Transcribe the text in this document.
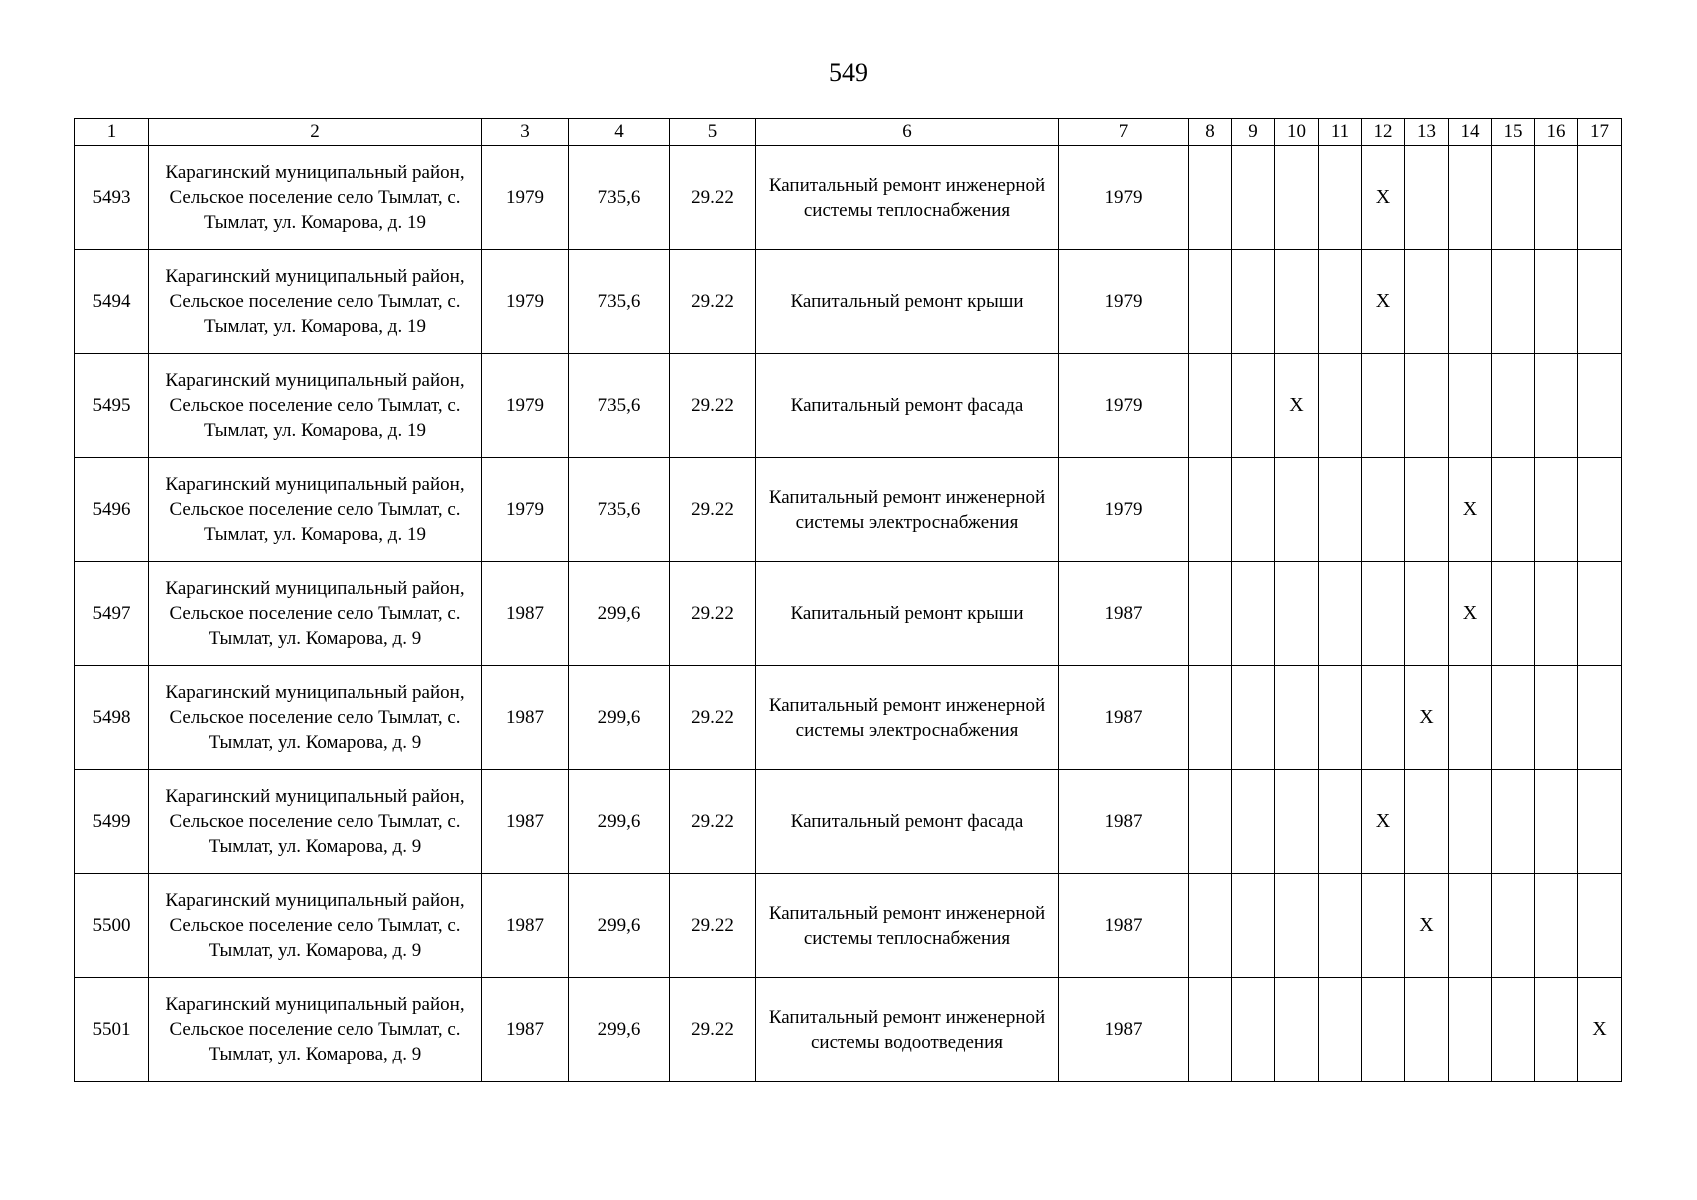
549
1	2	3	4	5	6	7	8	9	10	11	12	13	14	15	16	17
5493	Карагинский муниципальный район, Сельское поселение село Тымлат, с. Тымлат, ул. Комарова, д. 19	1979	735,6	29.22	Капитальный ремонт инженерной системы теплоснабжения	1979					X					
5494	Карагинский муниципальный район, Сельское поселение село Тымлат, с. Тымлат, ул. Комарова, д. 19	1979	735,6	29.22	Капитальный ремонт крыши	1979					X					
5495	Карагинский муниципальный район, Сельское поселение село Тымлат, с. Тымлат, ул. Комарова, д. 19	1979	735,6	29.22	Капитальный ремонт фасада	1979			X							
5496	Карагинский муниципальный район, Сельское поселение село Тымлат, с. Тымлат, ул. Комарова, д. 19	1979	735,6	29.22	Капитальный ремонт инженерной системы электроснабжения	1979							X			
5497	Карагинский муниципальный район, Сельское поселение село Тымлат, с. Тымлат, ул. Комарова, д. 9	1987	299,6	29.22	Капитальный ремонт крыши	1987							X			
5498	Карагинский муниципальный район, Сельское поселение село Тымлат, с. Тымлат, ул. Комарова, д. 9	1987	299,6	29.22	Капитальный ремонт инженерной системы электроснабжения	1987						X				
5499	Карагинский муниципальный район, Сельское поселение село Тымлат, с. Тымлат, ул. Комарова, д. 9	1987	299,6	29.22	Капитальный ремонт фасада	1987					X					
5500	Карагинский муниципальный район, Сельское поселение село Тымлат, с. Тымлат, ул. Комарова, д. 9	1987	299,6	29.22	Капитальный ремонт инженерной системы теплоснабжения	1987						X				
5501	Карагинский муниципальный район, Сельское поселение село Тымлат, с. Тымлат, ул. Комарова, д. 9	1987	299,6	29.22	Капитальный ремонт инженерной системы водоотведения	1987										X
